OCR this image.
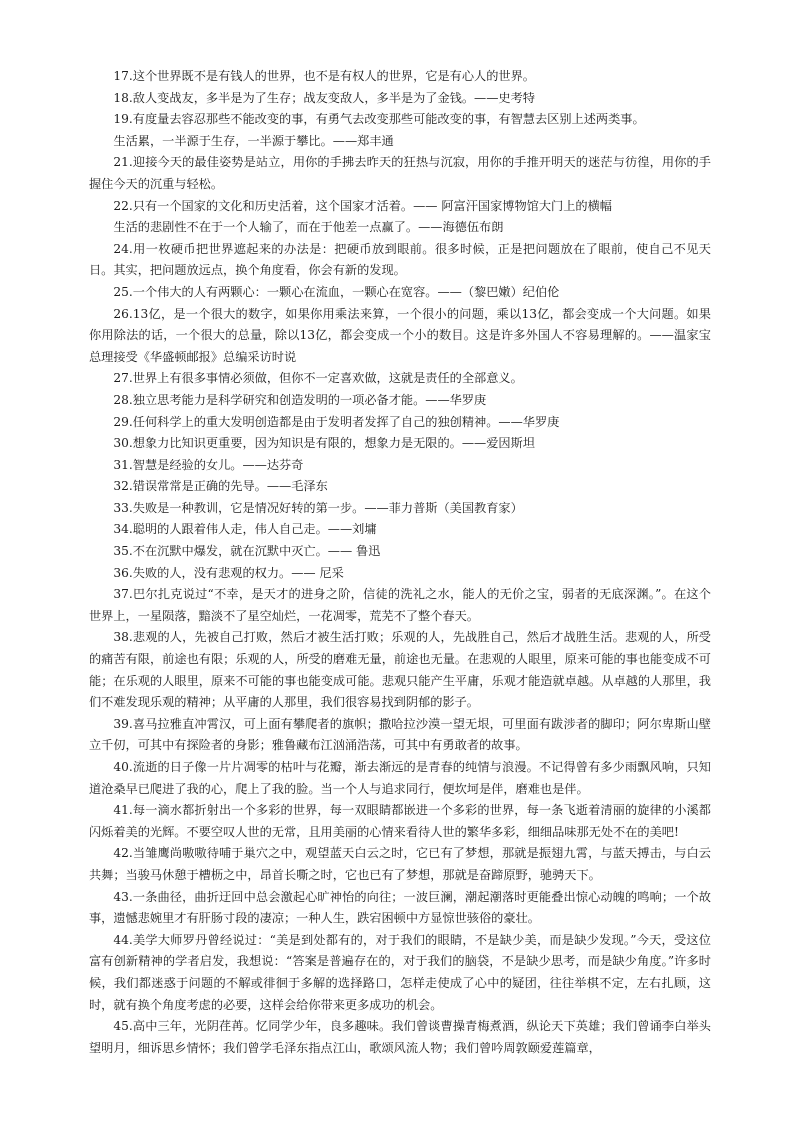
17.这个世界既不是有钱人的世界，也不是有权人的世界，它是有心人的世界。

18.敌人变战友，多半是为了生存；战友变敌人，多半是为了金钱。——史考特

19.有度量去容忍那些不能改变的事，有勇气去改变那些可能改变的事，有智慧去区别上述两类事。

生活累，一半源于生存，一半源于攀比。——郑丰通

21.迎接今天的最佳姿势是站立，用你的手拂去昨天的狂热与沉寂，用你的手推开明天的迷茫与彷徨，用你的手握住今天的沉重与轻松。

22.只有一个国家的文化和历史活着，这个国家才活着。—— 阿富汗国家博物馆大门上的横幅

生活的悲剧性不在于一个人输了，而在于他差一点赢了。——海德伍布朗

24.用一枚硬币把世界遮起来的办法是：把硬币放到眼前。很多时候，正是把问题放在了眼前，使自己不见天日。其实，把问题放远点，换个角度看，你会有新的发现。

25.一个伟大的人有两颗心：一颗心在流血，一颗心在宽容。——（黎巴嫩）纪伯伦

26.13亿，是一个很大的数字，如果你用乘法来算，一个很小的问题，乘以13亿，都会变成一个大问题。如果你用除法的话，一个很大的总量，除以13亿，都会变成一个小的数目。这是许多外国人不容易理解的。——温家宝总理接受《华盛顿邮报》总编采访时说

27.世界上有很多事情必须做，但你不一定喜欢做，这就是责任的全部意义。

28.独立思考能力是科学研究和创造发明的一项必备才能。——华罗庚

29.任何科学上的重大发明创造都是由于发明者发挥了自己的独创精神。——华罗庚

30.想象力比知识更重要，因为知识是有限的，想象力是无限的。——爱因斯坦

31.智慧是经验的女儿。——达芬奇

32.错误常常是正确的先导。——毛泽东

33.失败是一种教训，它是情况好转的第一步。——菲力普斯（美国教育家）

34.聪明的人跟着伟人走，伟人自己走。——刘墉

35.不在沉默中爆发，就在沉默中灭亡。—— 鲁迅

36.失败的人，没有悲观的权力。—— 尼采

37.巴尔扎克说过“不幸，是天才的进身之阶，信徒的洗礼之水，能人的无价之宝，弱者的无底深渊。”。在这个世界上，一星陨落，黯淡不了星空灿烂，一花凋零，荒芜不了整个春天。

38.悲观的人，先被自己打败，然后才被生活打败；乐观的人，先战胜自己，然后才战胜生活。悲观的人，所受的痛苦有限，前途也有限；乐观的人，所受的磨难无量，前途也无量。在悲观的人眼里，原来可能的事也能变成不可能；在乐观的人眼里，原来不可能的事也能变成可能。悲观只能产生平庸，乐观才能造就卓越。从卓越的人那里，我们不难发现乐观的精神；从平庸的人那里，我们很容易找到阴郁的影子。

39.喜马拉雅直冲霄汉，可上面有攀爬者的旗帜；撒哈拉沙漠一望无垠，可里面有跋涉者的脚印；阿尔卑斯山壁立千仞，可其中有探险者的身影；雅鲁藏布江汹涌浩荡，可其中有勇敢者的故事。

40.流逝的日子像一片片凋零的枯叶与花瓣，渐去渐远的是青春的纯情与浪漫。不记得曾有多少雨飘风响，只知道沧桑早已爬进了我的心，爬上了我的脸。当一个人与追求同行，便坎坷是伴，磨难也是伴。

41.每一滴水都折射出一个多彩的世界，每一双眼睛都嵌进一个多彩的世界，每一条飞逝着清丽的旋律的小溪都闪烁着美的光辉。不要空叹人世的无常，且用美丽的心情来看待人世的繁华多彩，细细品味那无处不在的美吧!

42.当雏鹰尚嗷嗷待哺于巢穴之中，观望蓝天白云之时，它已有了梦想，那就是振翅九霄，与蓝天搏击，与白云共舞；当骏马休憩于槽枥之中，昂首长嘶之时，它也已有了梦想，那就是奋蹄原野，驰骋天下。

43.一条曲径，曲折迂回中总会激起心旷神怡的向往；一波巨澜，潮起潮落时更能叠出惊心动魄的鸣响；一个故事，遗憾悲婉里才有肝肠寸段的凄凉；一种人生，跌宕困顿中方显惊世骇俗的豪壮。

44.美学大师罗丹曾经说过：“美是到处都有的，对于我们的眼睛，不是缺少美，而是缺少发现。”今天，受这位富有创新精神的学者启发，我想说：“答案是普遍存在的，对于我们的脑袋，不是缺少思考，而是缺少角度。”许多时候，我们都迷惑于问题的不解或徘徊于多解的选择路口，怎样走使成了心中的疑团，往往举棋不定，左右扎顾，这时，就有换个角度考虑的必要，这样会给你带来更多成功的机会。

45.高中三年，光阴荏苒。忆同学少年，良多趣味。我们曾谈曹操青梅煮酒，纵论天下英雄；我们曾诵李白举头望明月，细诉思乡情怀；我们曾学毛泽东指点江山，歌颂风流人物；我们曾吟周敦颐爱莲篇章，
